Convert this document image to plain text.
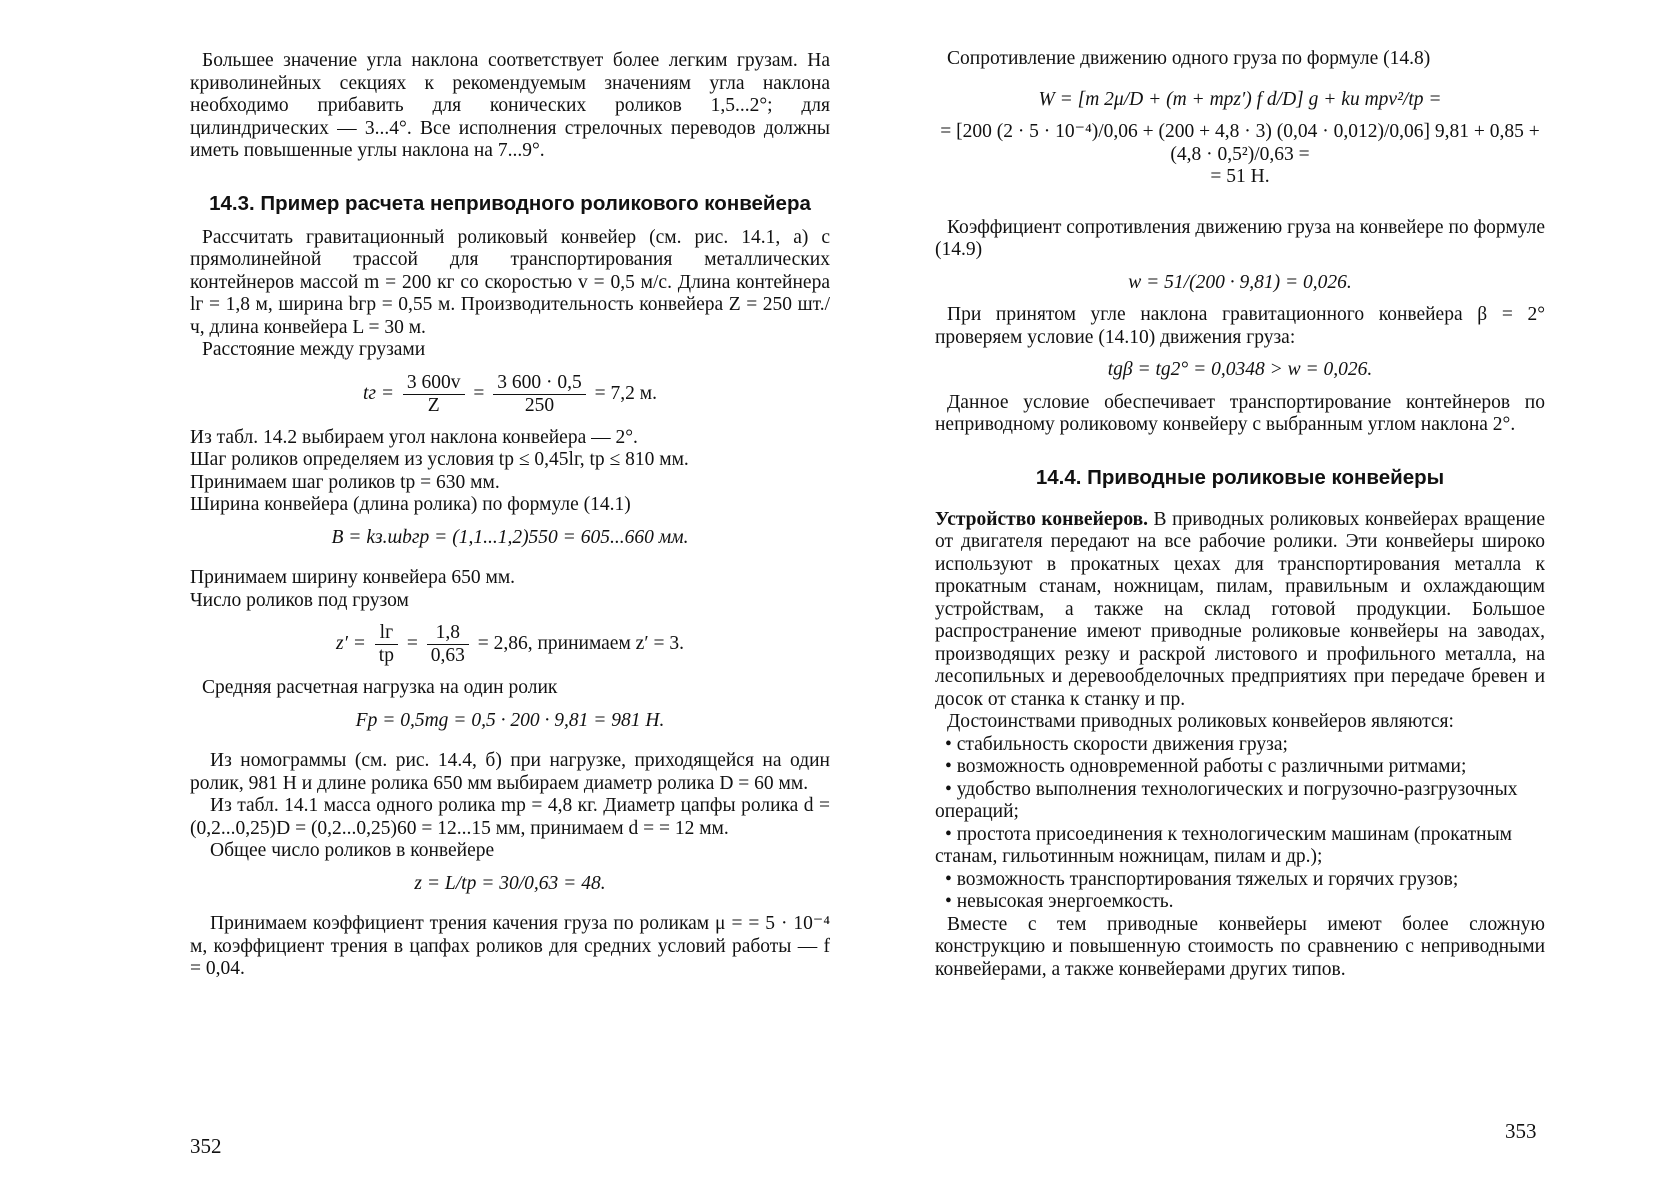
Большее значение угла наклона соответствует более легким грузам. На криволинейных секциях к рекомендуемым значениям угла наклона необходимо прибавить для конических роликов 1,5...2°; для цилиндрических — 3...4°. Все исполнения стрелочных переводов должны иметь повышенные углы наклона на 7...9°.

14.3. Пример расчета неприводного роликового конвейера

Рассчитать гравитационный роликовый конвейер (см. рис. 14.1, а) с прямолинейной трассой для транспортирования металлических контейнеров массой m = 200 кг со скоростью v = 0,5 м/с. Длина контейнера lг = 1,8 м, ширина bгр = 0,55 м. Производительность конвейера Z = 250 шт./ч, длина конвейера L = 30 м.

Расстояние между грузами

tг = $\frac{3 600v}{Z} = \frac{3 600 \cdot 0,5}{250} = 7,2$ м.

Из табл. 14.2 выбираем угол наклона конвейера — 2°.

Шаг роликов определяем из условия tр ≤ 0,45lг, tр ≤ 810 мм.

Принимаем шаг роликов tр = 630 мм.

Ширина конвейера (длина ролика) по формуле (14.1)

B = kз.шbгр = (1,1...1,2)550 = 605...660 мм.

Принимаем ширину конвейера 650 мм.

Число роликов под грузом

$z' = \frac{lг}{tр} = \frac{1,8}{0,63} = 2,86$, принимаем z′ = 3.

Средняя расчетная нагрузка на один ролик

Fр = 0,5mg = 0,5 · 200 · 9,81 = 981 Н.

Из номограммы (см. рис. 14.4, б) при нагрузке, приходящейся на один ролик, 981 Н и длине ролика 650 мм выбираем диаметр ролика D = 60 мм.

Из табл. 14.1 масса одного ролика mр = 4,8 кг. Диаметр цапфы ролика d = (0,2...0,25)D = (0,2...0,25)60 = 12...15 мм, принимаем d = = 12 мм.

Общее число роликов в конвейере

z = L/tр = 30/0,63 = 48.

Принимаем коэффициент трения качения груза по роликам μ = = 5 · 10⁻⁴ м, коэффициент трения в цапфах роликов для средних условий работы — f = 0,04.

352

Сопротивление движению одного груза по формуле (14.8)

W = [m 2μ/D + (m + mрz′) f d/D] g + kи mрv²/tр =

= [200 (2 · 5 · 10⁻⁴)/0,06 + (200 + 4,8 · 3) (0,04 · 0,012)/0,06] 9,81 + 0,85 + (4,8 · 0,5²)/0,63 =

= 51 Н.

Коэффициент сопротивления движению груза на конвейере по формуле (14.9)

w = 51/(200 · 9,81) = 0,026.

При принятом угле наклона гравитационного конвейера β = 2° проверяем условие (14.10) движения груза:

tgβ = tg2° = 0,0348 > w = 0,026.

Данное условие обеспечивает транспортирование контейнеров по неприводному роликовому конвейеру с выбранным углом наклона 2°.

14.4. Приводные роликовые конвейеры

Устройство конвейеров. В приводных роликовых конвейерах вращение от двигателя передают на все рабочие ролики. Эти конвейеры широко используют в прокатных цехах для транспортирования металла к прокатным станам, ножницам, пилам, правильным и охлаждающим устройствам, а также на склад готовой продукции. Большое распространение имеют приводные роликовые конвейеры на заводах, производящих резку и раскрой листового и профильного металла, на лесопильных и деревообделочных предприятиях при передаче бревен и досок от станка к станку и пр.

Достоинствами приводных роликовых конвейеров являются:

• стабильность скорости движения груза;

• возможность одновременной работы с различными ритмами;

• удобство выполнения технологических и погрузочно-разгрузочных операций;

• простота присоединения к технологическим машинам (прокатным станам, гильотинным ножницам, пилам и др.);

• возможность транспортирования тяжелых и горячих грузов;

• невысокая энергоемкость.

Вместе с тем приводные конвейеры имеют более сложную конструкцию и повышенную стоимость по сравнению с неприводными конвейерами, а также конвейерами других типов.

353
